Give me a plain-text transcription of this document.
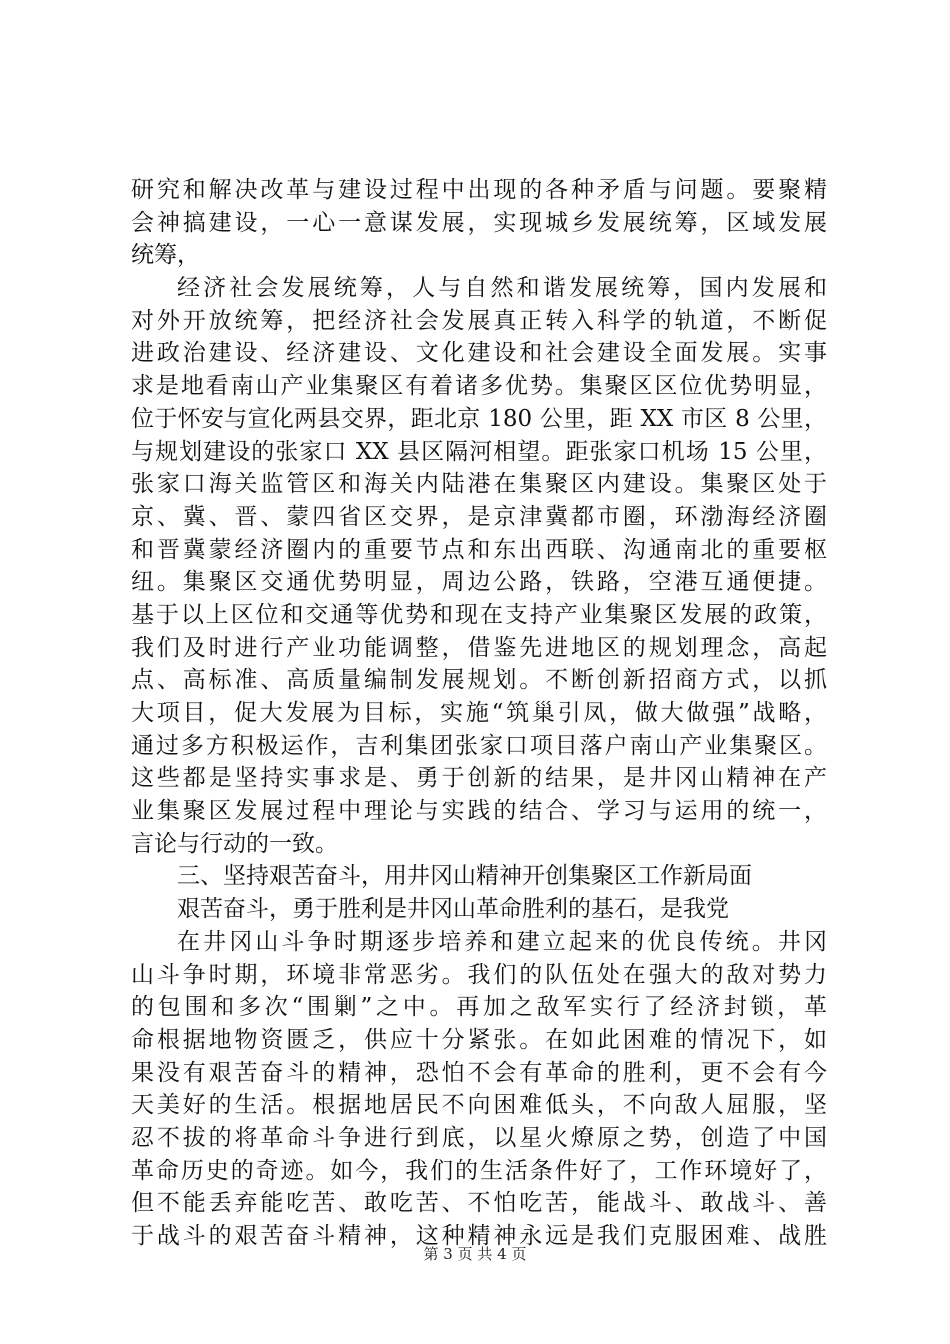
研究和解决改革与建设过程中出现的各种矛盾与问题。要聚精
会神搞建设，一心一意谋发展，实现城乡发展统筹，区域发展
统筹，
经济社会发展统筹，人与自然和谐发展统筹，国内发展和
对外开放统筹，把经济社会发展真正转入科学的轨道，不断促
进政治建设、经济建设、文化建设和社会建设全面发展。实事
求是地看南山产业集聚区有着诸多优势。集聚区区位优势明显，
位于怀安与宣化两县交界，距北京 180 公里，距 XX 市区 8 公里，
与规划建设的张家口 XX 县区隔河相望。距张家口机场 15 公里，
张家口海关监管区和海关内陆港在集聚区内建设。集聚区处于
京、冀、晋、蒙四省区交界，是京津冀都市圈，环渤海经济圈
和晋冀蒙经济圈内的重要节点和东出西联、沟通南北的重要枢
纽。集聚区交通优势明显，周边公路，铁路，空港互通便捷。
基于以上区位和交通等优势和现在支持产业集聚区发展的政策，
我们及时进行产业功能调整，借鉴先进地区的规划理念，高起
点、高标准、高质量编制发展规划。不断创新招商方式，以抓
大项目，促大发展为目标，实施“筑巢引凤，做大做强”战略，
通过多方积极运作，吉利集团张家口项目落户南山产业集聚区。
这些都是坚持实事求是、勇于创新的结果，是井冈山精神在产
业集聚区发展过程中理论与实践的结合、学习与运用的统一，
言论与行动的一致。
三、坚持艰苦奋斗，用井冈山精神开创集聚区工作新局面
艰苦奋斗，勇于胜利是井冈山革命胜利的基石，是我党
在井冈山斗争时期逐步培养和建立起来的优良传统。井冈
山斗争时期，环境非常恶劣。我们的队伍处在强大的敌对势力
的包围和多次“围剿”之中。再加之敌军实行了经济封锁，革
命根据地物资匮乏，供应十分紧张。在如此困难的情况下，如
果没有艰苦奋斗的精神，恐怕不会有革命的胜利，更不会有今
天美好的生活。根据地居民不向困难低头，不向敌人屈服，坚
忍不拔的将革命斗争进行到底，以星火燎原之势，创造了中国
革命历史的奇迹。如今，我们的生活条件好了，工作环境好了，
但不能丢弃能吃苦、敢吃苦、不怕吃苦，能战斗、敢战斗、善
于战斗的艰苦奋斗精神，这种精神永远是我们克服困难、战胜
第 3 页 共 4 页
